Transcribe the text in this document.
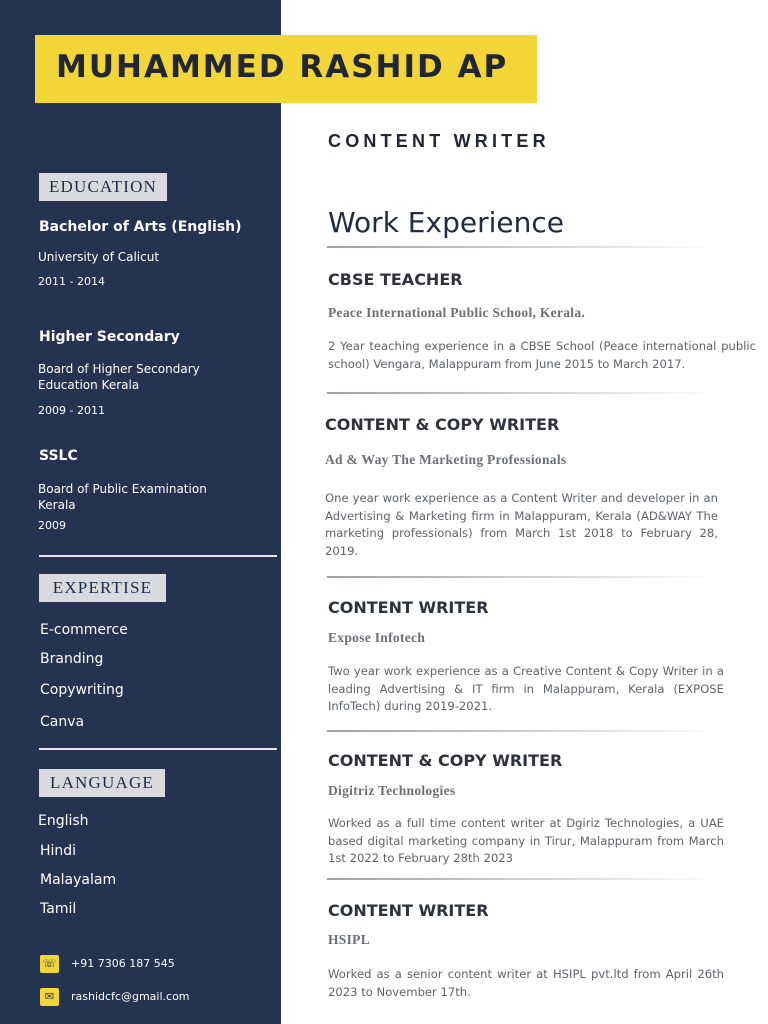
MUHAMMED RASHID AP
CONTENT WRITER
EDUCATION
Bachelor of Arts (English)
University of Calicut
2011 - 2014
Higher Secondary
Board of Higher Secondary Education Kerala
2009 - 2011
SSLC
Board of Public Examination Kerala
2009
EXPERTISE
E-commerce
Branding
Copywriting
Canva
LANGUAGE
English
Hindi
Malayalam
Tamil
☏ +91 7306 187 545
✉	rashidcfc@gmail.com
Work Experience
CBSE TEACHER
Peace International Public School, Kerala.
2 Year teaching experience in a CBSE School (Peace international public school) Vengara, Malappuram from June 2015 to March 2017.
CONTENT & COPY WRITER
Ad & Way The Marketing Professionals
One year work experience as a Content Writer and developer in an Advertising & Marketing firm in Malappuram, Kerala (AD&WAY The marketing professionals) from March 1st 2018 to February 28, 2019.
CONTENT WRITER
Expose Infotech
Two year work experience as a Creative Content & Copy Writer in a leading Advertising & IT firm in Malappuram, Kerala (EXPOSE InfoTech) during 2019-2021.
CONTENT & COPY WRITER
Digitriz Technologies
Worked as a full time content writer at Dgiriz Technologies, a UAE based digital marketing company in Tirur, Malappuram from March 1st 2022 to February 28th 2023
CONTENT WRITER
HSIPL
Worked as a senior content writer at HSIPL pvt.ltd from April 26th 2023 to November 17th.
